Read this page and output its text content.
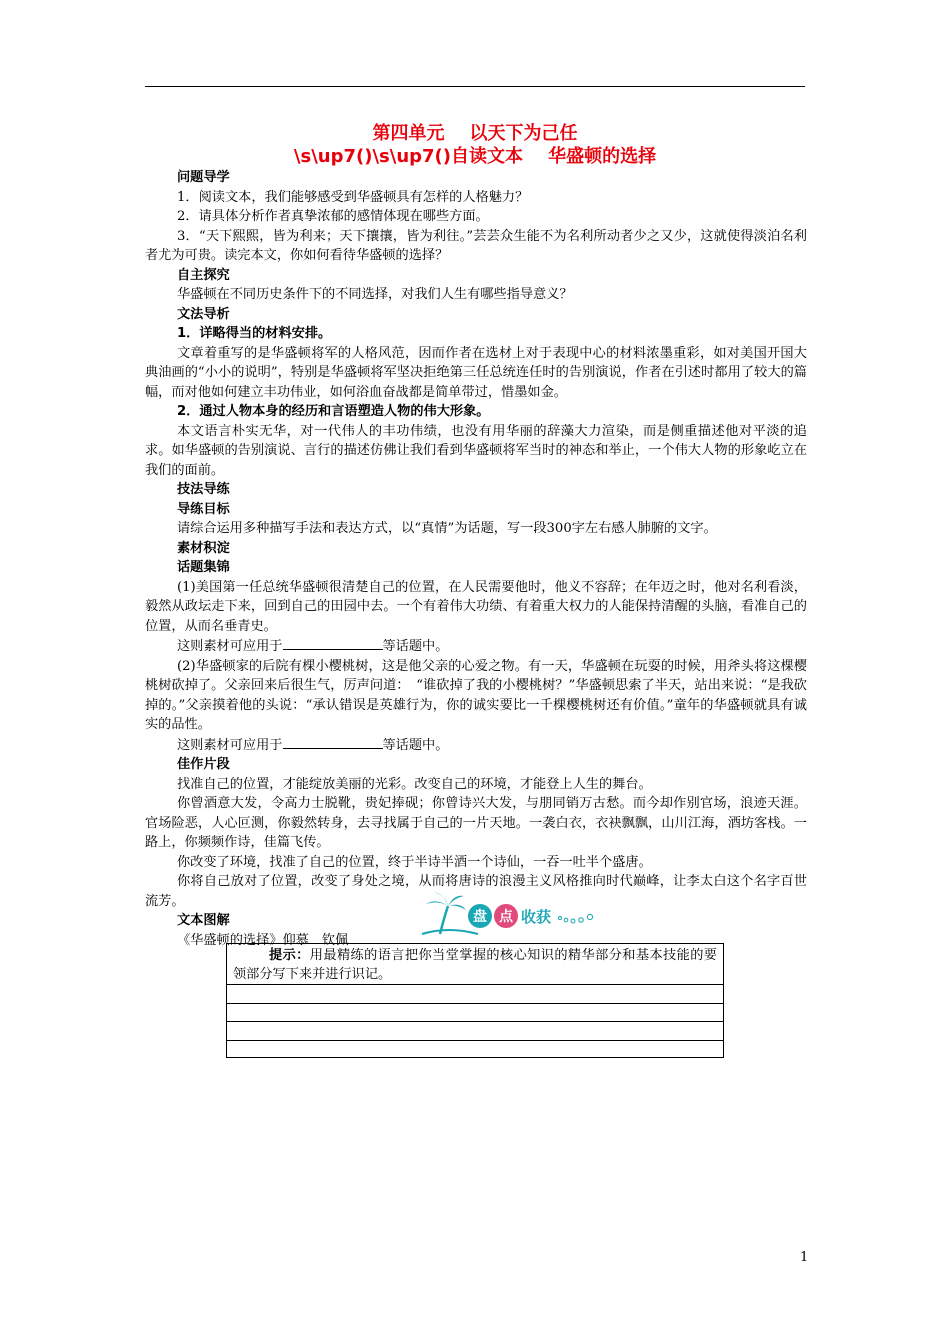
第四单元    以天下为己任
\s\up7()\s\up7()自读文本    华盛顿的选择
问题导学

1．阅读文本，我们能够感受到华盛顿具有怎样的人格魅力？

2．请具体分析作者真挚浓郁的感情体现在哪些方面。

3．“天下熙熙，皆为利来；天下攘攘，皆为利往。”芸芸众生能不为名利所动者少之又少，这就使得淡泊名利者尤为可贵。读完本文，你如何看待华盛顿的选择？

自主探究

华盛顿在不同历史条件下的不同选择，对我们人生有哪些指导意义？

文法导析

1．详略得当的材料安排。

文章着重写的是华盛顿将军的人格风范，因而作者在选材上对于表现中心的材料浓墨重彩，如对美国开国大典油画的“小小的说明”，特别是华盛顿将军坚决拒绝第三任总统连任时的告别演说，作者在引述时都用了较大的篇幅，而对他如何建立丰功伟业，如何浴血奋战都是简单带过，惜墨如金。

2．通过人物本身的经历和言语塑造人物的伟大形象。

本文语言朴实无华，对一代伟人的丰功伟绩，也没有用华丽的辞藻大力渲染，而是侧重描述他对平淡的追求。如华盛顿的告别演说、言行的描述仿佛让我们看到华盛顿将军当时的神态和举止，一个伟大人物的形象屹立在我们的面前。

技法导练
导练目标

请综合运用多种描写手法和表达方式，以“真情”为话题，写一段300字左右感人肺腑的文字。

素材积淀
话题集锦

(1)美国第一任总统华盛顿很清楚自己的位置，在人民需要他时，他义不容辞；在年迈之时，他对名利看淡，毅然从政坛走下来，回到自己的田园中去。一个有着伟大功绩、有着重大权力的人能保持清醒的头脑，看准自己的位置，从而名垂青史。

这则素材可应用于	等话题中。

(2)华盛顿家的后院有棵小樱桃树，这是他父亲的心爱之物。有一天，华盛顿在玩耍的时候，用斧头将这棵樱桃树砍掉了。父亲回来后很生气，厉声问道：　“谁砍掉了我的小樱桃树？”华盛顿思索了半天，站出来说：“是我砍掉的。”父亲摸着他的头说：“承认错误是英雄行为，你的诚实要比一千棵樱桃树还有价值。”童年的华盛顿就具有诚实的品性。

这则素材可应用于	等话题中。

佳作片段

找准自己的位置，才能绽放美丽的光彩。改变自己的环境，才能登上人生的舞台。

你曾酒意大发，令高力士脱靴，贵妃捧砚；你曾诗兴大发，与朋同销万古愁。而今却作别官场，浪迹天涯。官场险恶，人心叵测，你毅然转身，去寻找属于自己的一片天地。一袭白衣，衣袂飘飘，山川江海，酒坊客栈。一路上，你频频作诗，佳篇飞传。

你改变了环境，找准了自己的位置，终于半诗半酒一个诗仙，一吞一吐半个盛唐。

你将自己放对了位置，改变了身处之境，从而将唐诗的浪漫主义风格推向时代巅峰，让李太白这个名字百世流芳。

文本图解

《华盛顿的选择》仰慕　钦佩

盘 点 收获
提示：用最精练的语言把你当堂掌握的核心知识的精华部分和基本技能的要领部分写下来并进行识记。
1
